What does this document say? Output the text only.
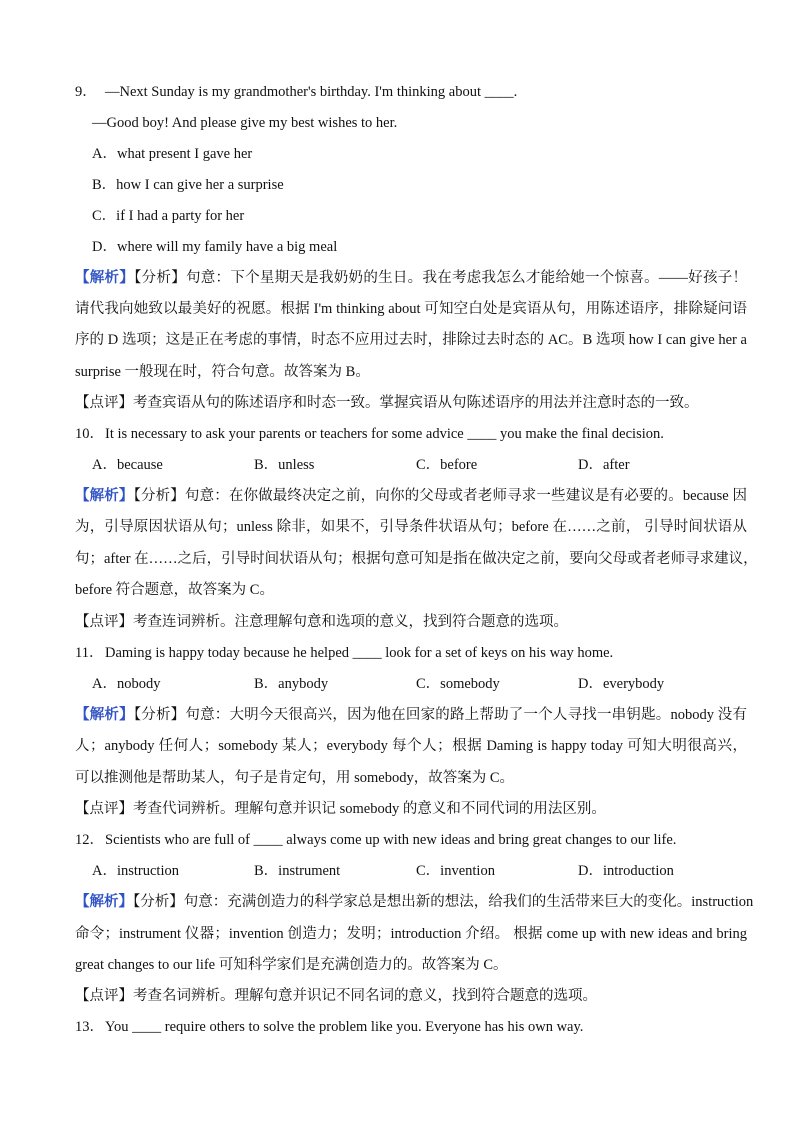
9． —Next Sunday is my grandmother's birthday. I'm thinking about ____.
—Good boy! And please give my best wishes to her.
A．what present I gave her
B．how I can give her a surprise
C．if I had a party for her
D．where will my family have a big meal
【解析】【分析】句意：下个星期天是我奶奶的生日。我在考虑我怎么才能给她一个惊喜。——好孩子！
请代我向她致以最美好的祝愿。根据 I'm thinking about 可知空白处是宾语从句，用陈述语序，排除疑问语
序的 D 选项；这是正在考虑的事情，时态不应用过去时，排除过去时态的 AC。B 选项 how I can give her a
surprise 一般现在时，符合句意。故答案为 B。
【点评】考查宾语从句的陈述语序和时态一致。掌握宾语从句陈述语序的用法并注意时态的一致。
10．It is necessary to ask your parents or teachers for some advice ____ you make the final decision.
A．because	B．unless	C．before	D．after
【解析】【分析】句意：在你做最终决定之前，向你的父母或者老师寻求一些建议是有必要的。because 因
为，引导原因状语从句；unless 除非，如果不，引导条件状语从句；before 在……之前， 引导时间状语从
句；after 在……之后，引导时间状语从句；根据句意可知是指在做决定之前，要向父母或者老师寻求建议，
before 符合题意，故答案为 C。
【点评】考查连词辨析。注意理解句意和选项的意义，找到符合题意的选项。
11． Daming is happy today because he helped ____ look for a set of keys on his way home.
A．nobody	B．anybody	C．somebody	D．everybody
【解析】【分析】句意：大明今天很高兴，因为他在回家的路上帮助了一个人寻找一串钥匙。nobody 没有
人；anybody 任何人；somebody 某人；everybody 每个人；根据 Daming is happy today 可知大明很高兴，
可以推测他是帮助某人，句子是肯定句，用 somebody，故答案为 C。
【点评】考查代词辨析。理解句意并识记 somebody 的意义和不同代词的用法区别。
12．Scientists who are full of ____ always come up with new ideas and bring great changes to our life.
A．instruction	B．instrument	C．invention	D．introduction
【解析】【分析】句意：充满创造力的科学家总是想出新的想法，给我们的生活带来巨大的变化。instruction
命令；instrument 仪器；invention 创造力；发明；introduction 介绍。 根据 come up with new ideas and bring
great changes to our life 可知科学家们是充满创造力的。故答案为 C。
【点评】考查名词辨析。理解句意并识记不同名词的意义，找到符合题意的选项。
13．You ____ require others to solve the problem like you. Everyone has his own way.
